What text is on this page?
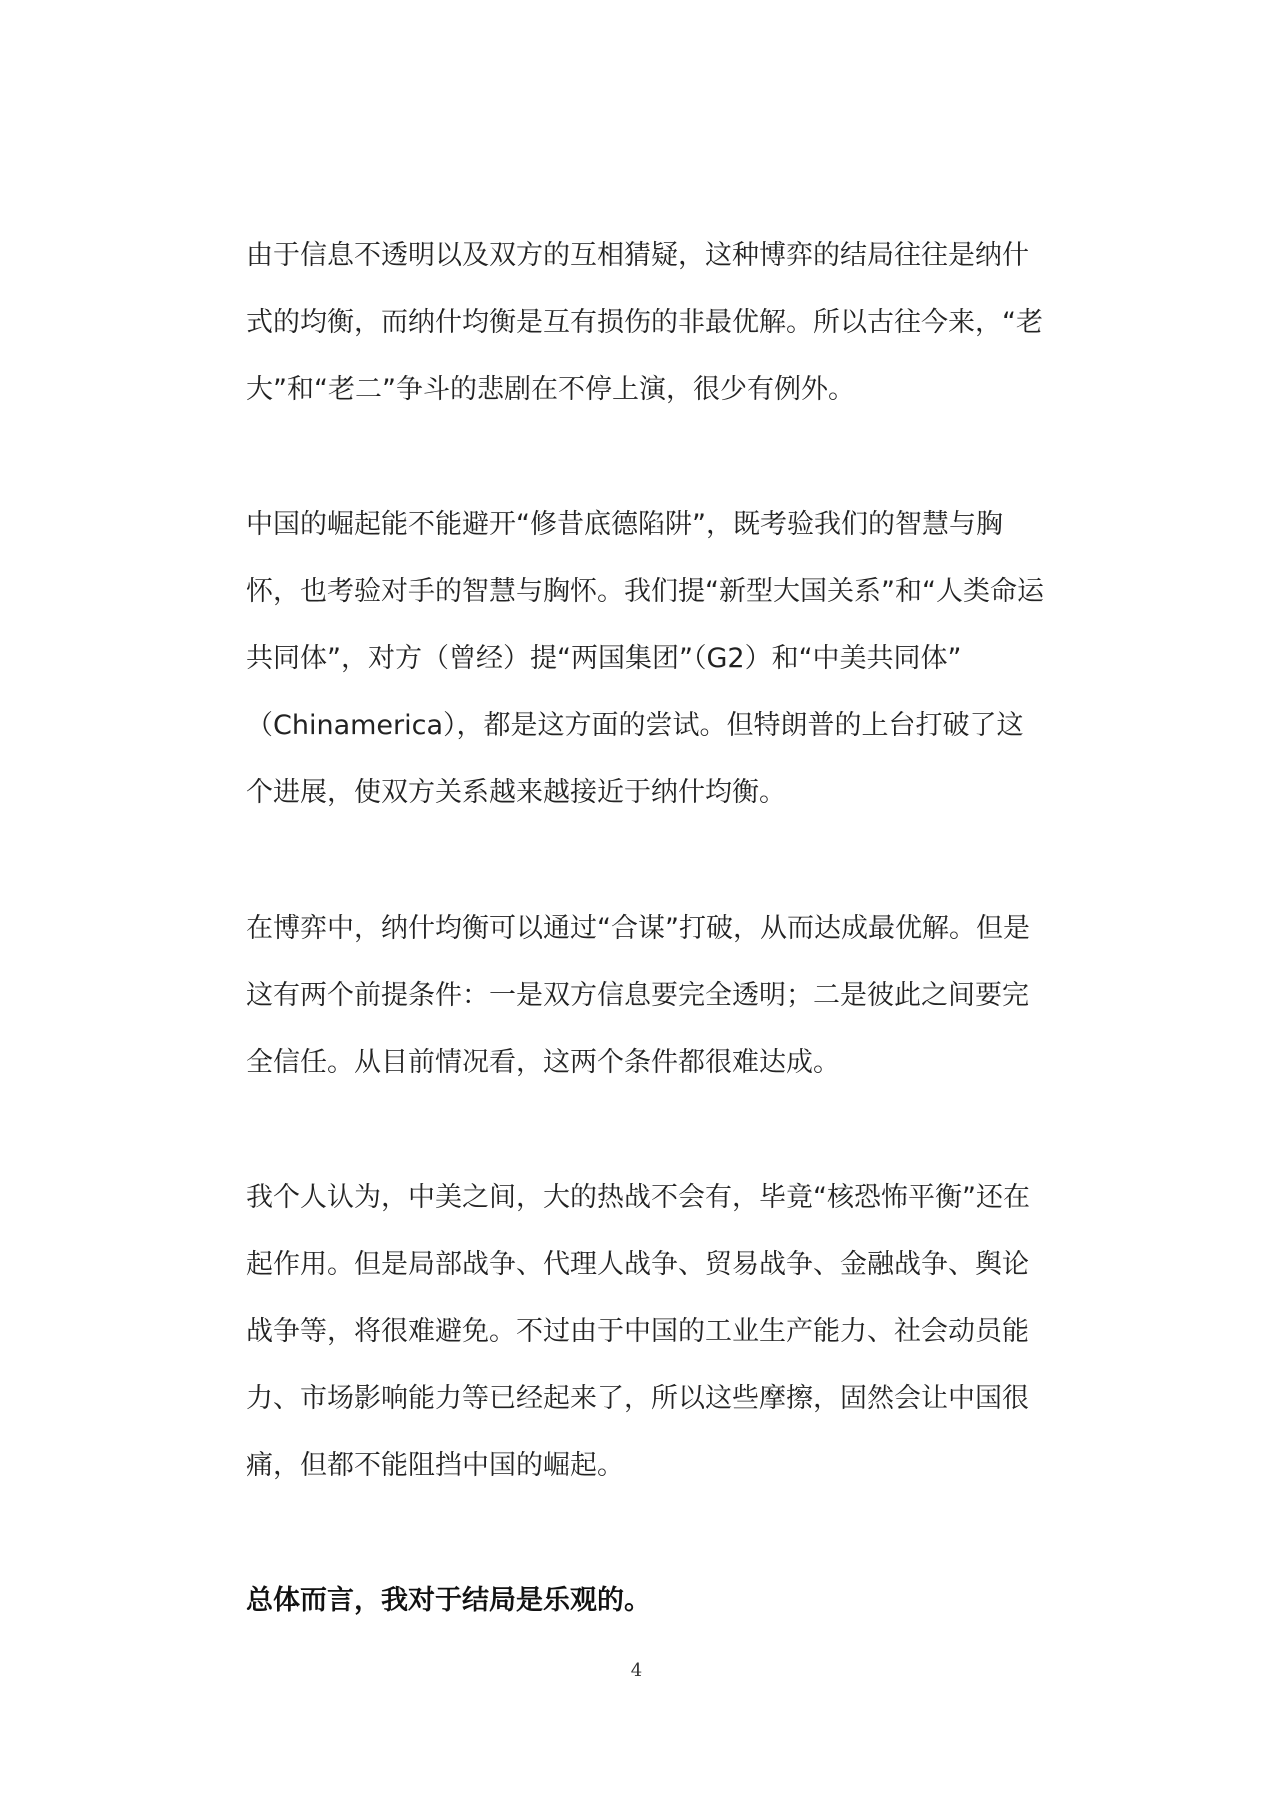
由于信息不透明以及双方的互相猜疑，这种博弈的结局往往是纳什
式的均衡，而纳什均衡是互有损伤的非最优解。所以古往今来，“老
大”和“老二”争斗的悲剧在不停上演，很少有例外。

中国的崛起能不能避开“修昔底德陷阱”，既考验我们的智慧与胸
怀，也考验对手的智慧与胸怀。我们提“新型大国关系”和“人类命运
共同体”，对方（曾经）提“两国集团”（G2）和“中美共同体”
（Chinamerica），都是这方面的尝试。但特朗普的上台打破了这
个进展，使双方关系越来越接近于纳什均衡。

在博弈中，纳什均衡可以通过“合谋”打破，从而达成最优解。但是
这有两个前提条件：一是双方信息要完全透明；二是彼此之间要完
全信任。从目前情况看，这两个条件都很难达成。

我个人认为，中美之间，大的热战不会有，毕竟“核恐怖平衡”还在
起作用。但是局部战争、代理人战争、贸易战争、金融战争、舆论
战争等，将很难避免。不过由于中国的工业生产能力、社会动员能
力、市场影响能力等已经起来了，所以这些摩擦，固然会让中国很
痛，但都不能阻挡中国的崛起。

总体而言，我对于结局是乐观的。

4
